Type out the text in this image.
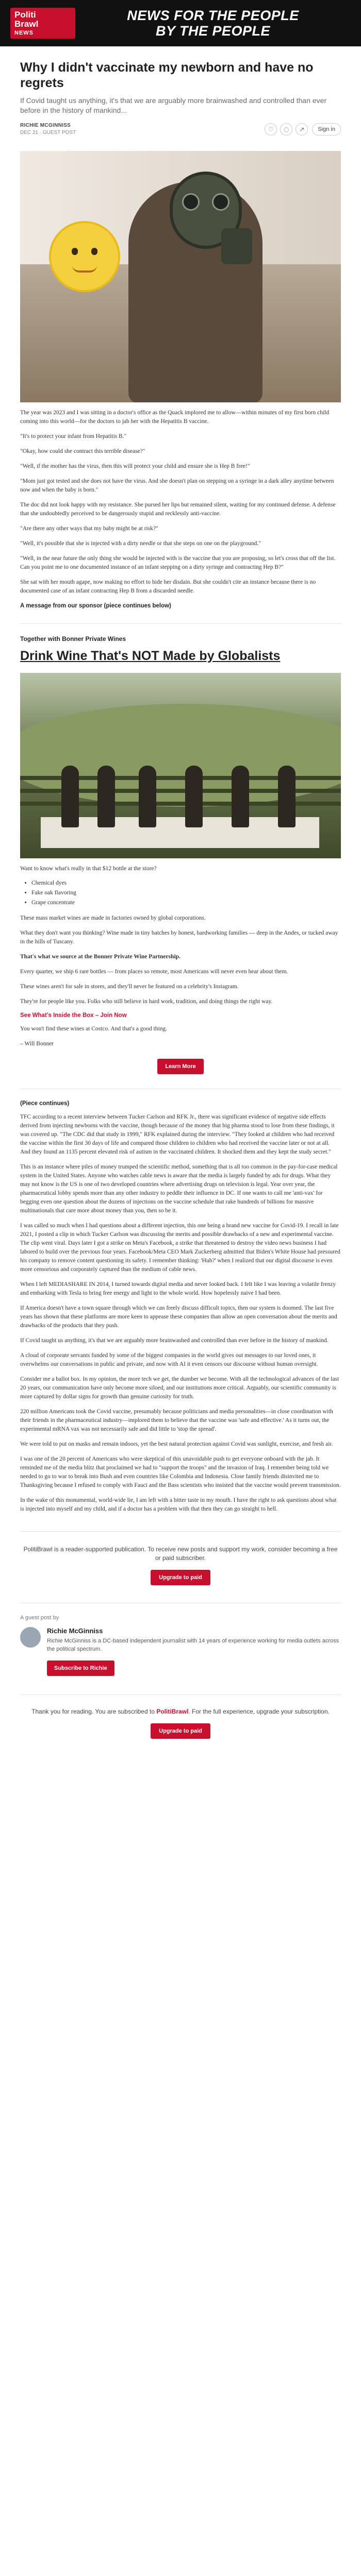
Politi
Brawl
NEWS
NEWS FOR THE PEOPLE
BY THE PEOPLE
Why I didn't vaccinate my newborn and have no regrets
If Covid taught us anything, it's that we are arguably more brainwashed and controlled than ever before in the history of mankind...
RICHIE MCGINNISS
DEC 21 · GUEST POST	♡	◌	↗	Sign in

The year was 2023 and I was sitting in a doctor's office as the Quack implored me to allow—within minutes of my first born child coming into this world—for the doctors to jab her with the Hepatitis B vaccine.

"It's to protect your infant from Hepatitis B."

"Okay, how could she contract this terrible disease?"

"Well, if the mother has the virus, then this will protect your child and ensure she is Hep B free!"

"Mom just got tested and she does not have the virus. And she doesn't plan on stepping on a syringe in a dark alley anytime between now and when the baby is born."

The doc did not look happy with my resistance. She pursed her lips but remained silent, waiting for my continued defense. A defense that she undoubtedly perceived to be dangerously stupid and recklessly anti-vaccine.

"Are there any other ways that my baby might be at risk?"

"Well, it's possible that she is injected with a dirty needle or that she steps on one on the playground."

"Well, in the near future the only thing she would be injected with is the vaccine that you are proposing, so let's cross that off the list. Can you point me to one documented instance of an infant stepping on a dirty syringe and contracting Hep B?"

She sat with her mouth agape, now making no effort to hide her disdain. But she couldn't cite an instance because there is no documented case of an infant contracting Hep B from a discarded needle.

A message from our sponsor (piece continues below)
Together with Bonner Private Wines
Drink Wine That's NOT Made by Globalists

Want to know what's really in that $12 bottle at the store?

• Chemical dyes
• Fake oak flavoring
• Grape concentrate

These mass market wines are made in factories owned by global corporations.

What they don't want you thinking? Wine made in tiny batches by honest, hardworking families — deep in the Andes, or tucked away in the hills of Tuscany.

That's what we source at the Bonner Private Wine Partnership.

Every quarter, we ship 6 rare bottles — from places so remote, most Americans will never even hear about them.

These wines aren't for sale in stores, and they'll never be featured on a celebrity's Instagram.

They're for people like you. Folks who still believe in hard work, tradition, and doing things the right way.

See What's Inside the Box – Join Now

You won't find these wines at Costco. And that's a good thing.

– Will Bonner

Learn More
(Piece continues)

TFC according to a recent interview between Tucker Carlson and RFK Jr., there was significant evidence of negative side effects derived from injecting newborns with the vaccine, though because of the money that big pharma stood to lose from these findings, it was covered up. "The CDC did that study in 1999," RFK explained during the interview. "They looked at children who had received the vaccine within the first 30 days of life and compared those children to children who had received the vaccine later or not at all. And they found an 1135 percent elevated risk of autism in the vaccinated children. It shocked them and they kept the study secret."

This is an instance where piles of money trumped the scientific method, something that is all too common in the pay-for-case medical system in the United States. Anyone who watches cable news is aware that the media is largely funded by ads for drugs. What they may not know is the US is one of two developed countries where advertising drugs on television is legal. Year over year, the pharmaceutical lobby spends more than any other industry to peddle their influence in DC. If one wants to call me 'anti-vax' for begging even one question about the dozens of injections on the vaccine schedule that rake hundreds of billions for massive multinationals that care more about money than you, then so be it.

I was called so much when I had questions about a different injection, this one being a brand new vaccine for Covid-19. I recall in late 2021, I posted a clip in which Tucker Carlson was discussing the merits and possible drawbacks of a new and experimental vaccine. The clip went viral. Days later I got a strike on Meta's Facebook, a strike that threatened to destroy the video news business I had labored to build over the previous four years. Facebook/Meta CEO Mark Zuckerberg admitted that Biden's White House had pressured his company to remove content questioning its safety. I remember thinking: 'Huh?' when I realized that our digital discourse is even more censorious and corporately captured than the medium of cable news.

When I left MEDIASHARE IN 2014, I turned towards digital media and never looked back. I felt like I was leaving a volatile frenzy and embarking with Tesla to bring free energy and light to the whole world. How hopelessly naive I had been.

If America doesn't have a town square through which we can freely discuss difficult topics, then our system is doomed. The last five years has shown that these platforms are more keen to appease these companies than allow an open conversation about the merits and drawbacks of the products that they push.

If Covid taught us anything, it's that we are arguably more brainwashed and controlled than ever before in the history of mankind.

A cloud of corporate servants funded by some of the biggest companies in the world gives out messages to our loved ones, it overwhelms our conversations in public and private, and now with AI it even censors our discourse without human oversight.

Consider me a ballot box. In my opinion, the more tech we get, the dumber we become. With all the technological advances of the last 20 years, our communication have only become more siloed, and our institutions more critical. Arguably, our scientific community is more captured by dollar signs for growth than genuine curiosity for truth.

220 million Americans took the Covid vaccine, presumably because politicians and media personalities—in close coordination with their friends in the pharmaceutical industry—implored them to believe that the vaccine was 'safe and effective.' As it turns out, the experimental mRNA vax was not necessarily safe and did little to 'stop the spread'.

We were told to put on masks and remain indoors, yet the best natural protection against Covid was sunlight, exercise, and fresh air.

I was one of the 20 percent of Americans who were skeptical of this unavoidable push to get everyone onboard with the jab. It reminded me of the media blitz that proclaimed we had to "support the troops" and the invasion of Iraq. I remember being told we needed to go to war to break into Bush and even countries like Colombia and Indonesia. Close family friends disinvited me to Thanksgiving because I refused to comply with Fauci and the Bass scientists who insisted that the vaccine would prevent transmission.

In the wake of this monumental, world-wide lie, I am left with a bitter taste in my mouth. I have the right to ask questions about what is injected into myself and my child, and if a doctor has a problem with that then they can go straight to hell.

PolitiBrawl is a reader-supported publication. To receive new posts and support my work, consider becoming a free or paid subscriber.

Upgrade to paid
A guest post by
Richie McGinniss
Richie McGinniss is a DC-based independent journalist with 14 years of experience working for media outlets across the political spectrum.
Subscribe to Richie

Thank you for reading. You are subscribed to PolitiBrawl. For the full experience, upgrade your subscription.

Upgrade to paid
